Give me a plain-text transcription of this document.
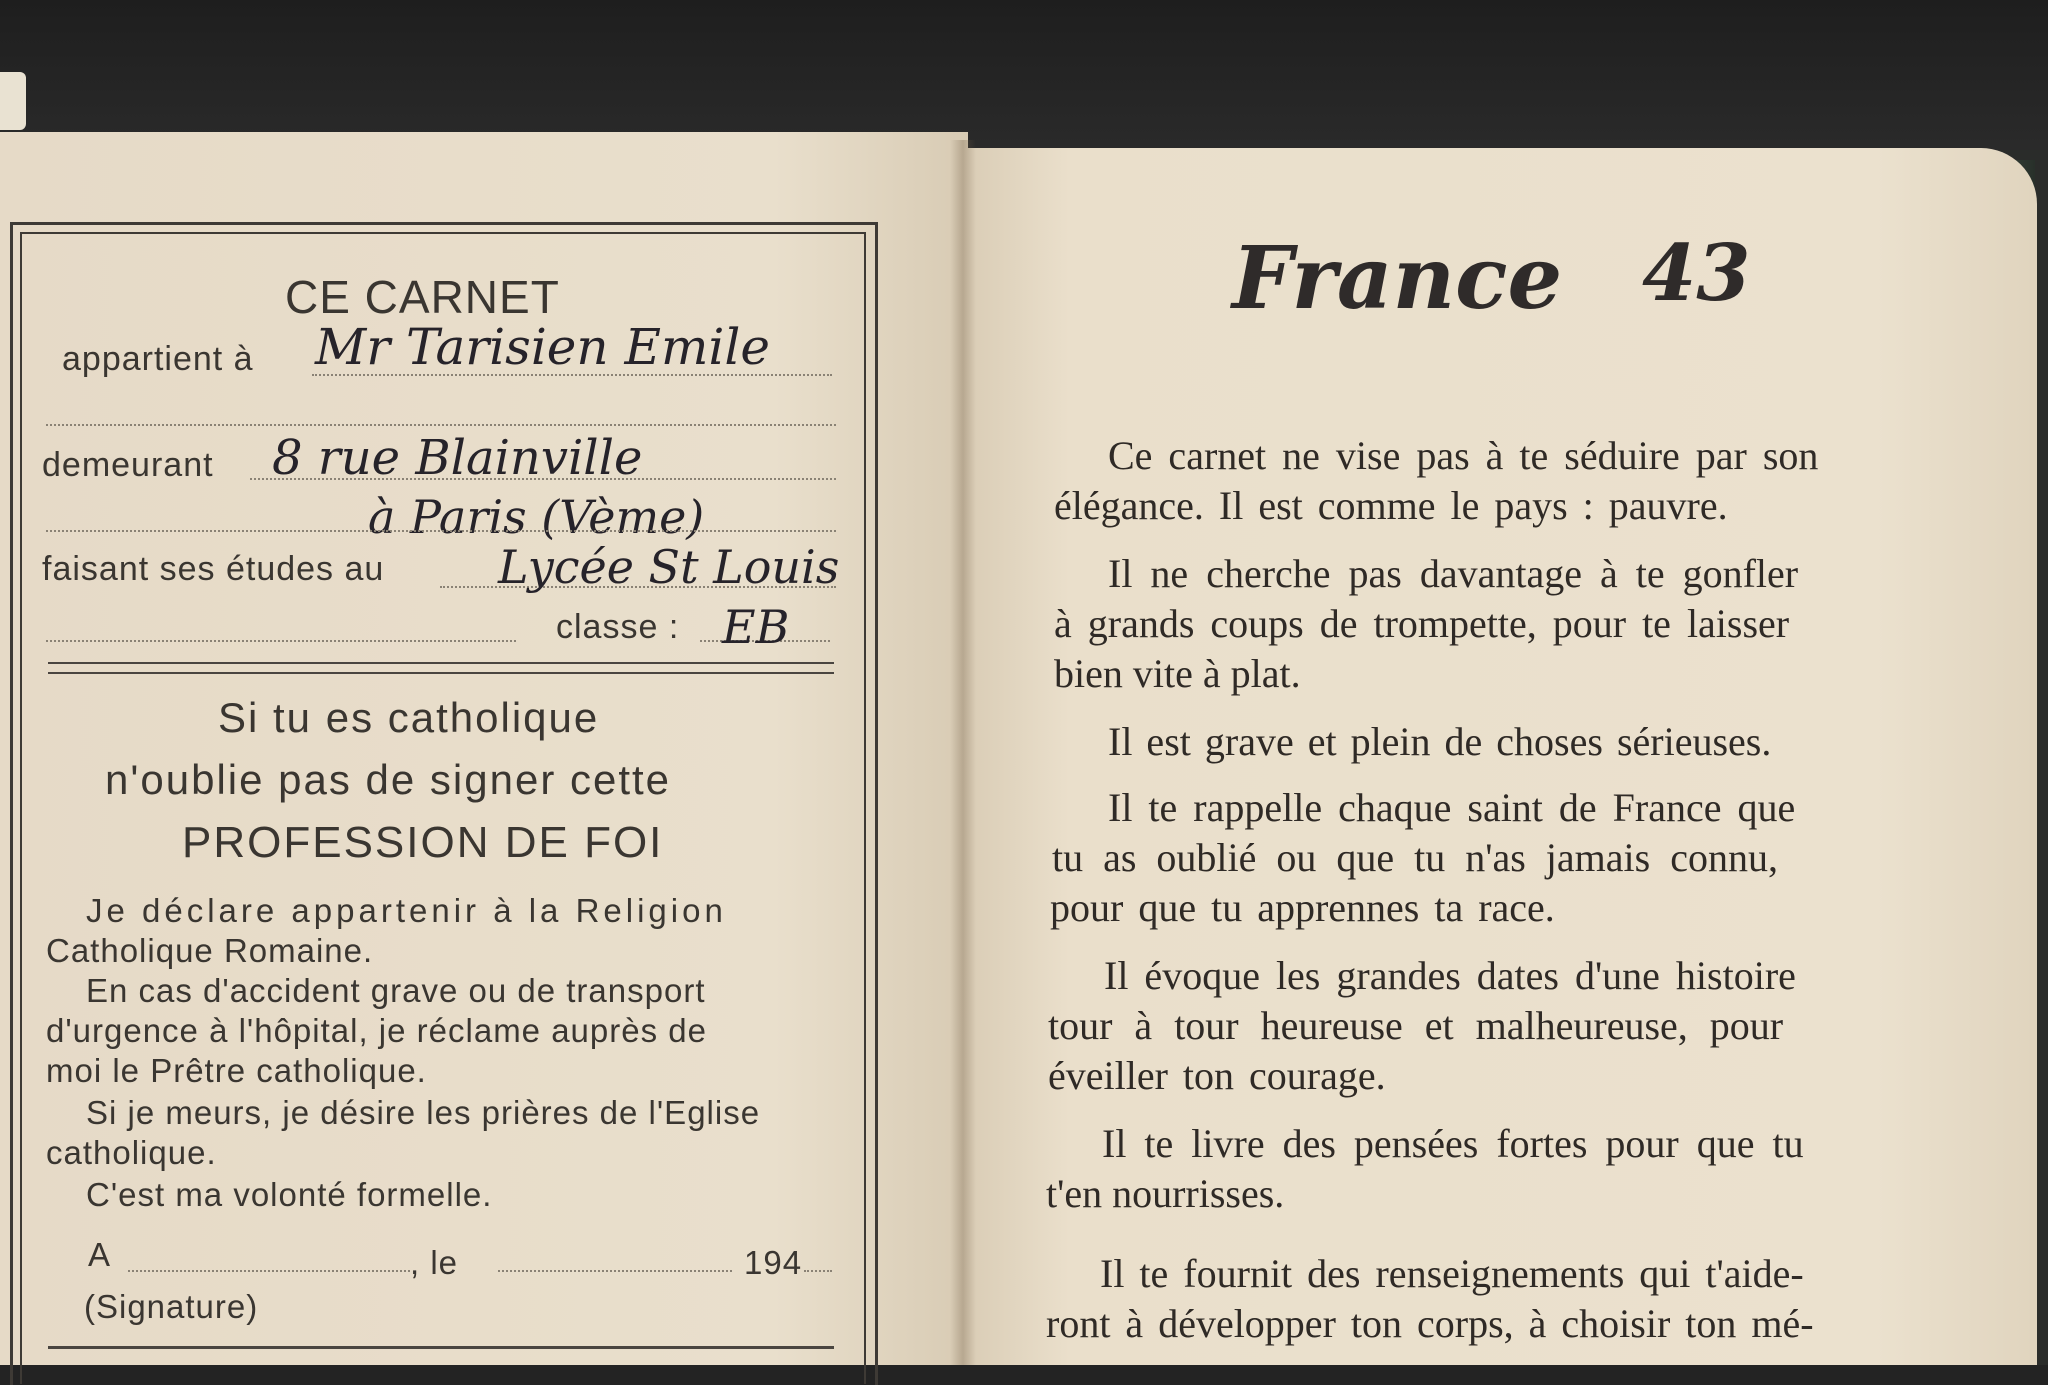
CE CARNET
appartient à Mr Tarisien Emile
demeurant 8 rue Blainville
à Paris (Vème)
faisant ses études au Lycée St Louis
classe : EB
Si tu es catholique
n'oublie pas de signer cette
PROFESSION DE FOI
Je déclare appartenir à la Religion
Catholique Romaine.
En cas d'accident grave ou de transport
d'urgence à l'hôpital, je réclame auprès de
moi le Prêtre catholique.
Si je meurs, je désire les prières de l'Eglise
catholique.
C'est ma volonté formelle.
A	, le	194
(Signature)
France 43
Ce carnet ne vise pas à te séduire par son
élégance. Il est comme le pays : pauvre.
Il ne cherche pas davantage à te gonfler
à grands coups de trompette, pour te laisser
bien vite à plat.
Il est grave et plein de choses sérieuses.
Il te rappelle chaque saint de France que
tu as oublié ou que tu n'as jamais connu,
pour que tu apprennes ta race.
Il évoque les grandes dates d'une histoire
tour à tour heureuse et malheureuse, pour
éveiller ton courage.
Il te livre des pensées fortes pour que tu
t'en nourrisses.
Il te fournit des renseignements qui t'aide-
ront à développer ton corps, à choisir ton mé-
